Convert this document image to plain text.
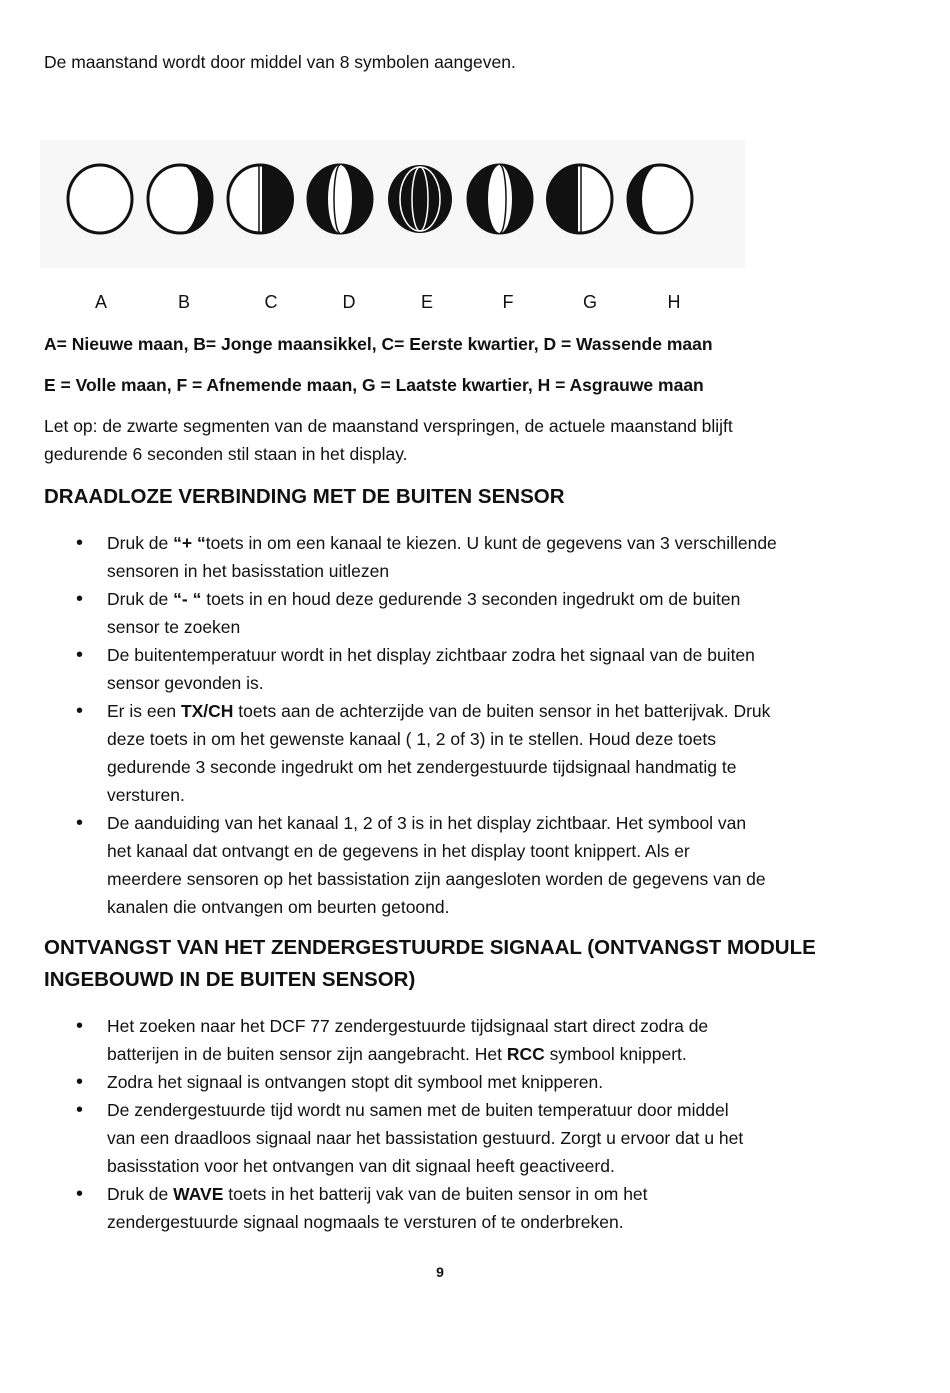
De maanstand wordt door middel van 8 symbolen aangeven.

A	B	C	D	E	F	G	H

A= Nieuwe maan, B= Jonge maansikkel, C= Eerste kwartier, D = Wassende maan

E = Volle maan, F = Afnemende maan, G = Laatste kwartier, H = Asgrauwe maan

Let op: de zwarte segmenten van de maanstand verspringen, de actuele maanstand blijft
gedurende 6 seconden stil staan in het display.
DRAADLOZE VERBINDING MET DE BUITEN SENSOR
• Druk de “+ “toets in om een kanaal te kiezen. U kunt de gegevens van 3 verschillende
sensoren in het basisstation uitlezen
• Druk de “- “ toets in en houd deze gedurende 3 seconden ingedrukt om de buiten
sensor te zoeken
• De buitentemperatuur wordt in het display zichtbaar zodra het signaal van de buiten
sensor gevonden is.
• Er is een TX/CH toets aan de achterzijde van de buiten sensor in het batterijvak. Druk
deze toets in om het gewenste kanaal ( 1, 2 of 3) in te stellen. Houd deze toets
gedurende 3 seconde ingedrukt om het zendergestuurde tijdsignaal handmatig te
versturen.
• De aanduiding van het kanaal 1, 2 of 3 is in het display zichtbaar. Het symbool van
het kanaal dat ontvangt en de gegevens in het display toont knippert. Als er
meerdere sensoren op het bassistation zijn aangesloten worden de gegevens van de
kanalen die ontvangen om beurten getoond.
ONTVANGST VAN HET ZENDERGESTUURDE SIGNAAL (ONTVANGST MODULE
INGEBOUWD IN DE BUITEN SENSOR)
• Het zoeken naar het DCF 77 zendergestuurde tijdsignaal start direct zodra de
batterijen in de buiten sensor zijn aangebracht. Het RCC symbool knippert.
• Zodra het signaal is ontvangen stopt dit symbool met knipperen.
• De zendergestuurde tijd wordt nu samen met de buiten temperatuur door middel
van een draadloos signaal naar het bassistation gestuurd. Zorgt u ervoor dat u het
basisstation voor het ontvangen van dit signaal heeft geactiveerd.
• Druk de WAVE toets in het batterij vak van de buiten sensor in om het
zendergestuurde signaal nogmaals te versturen of te onderbreken.
9
